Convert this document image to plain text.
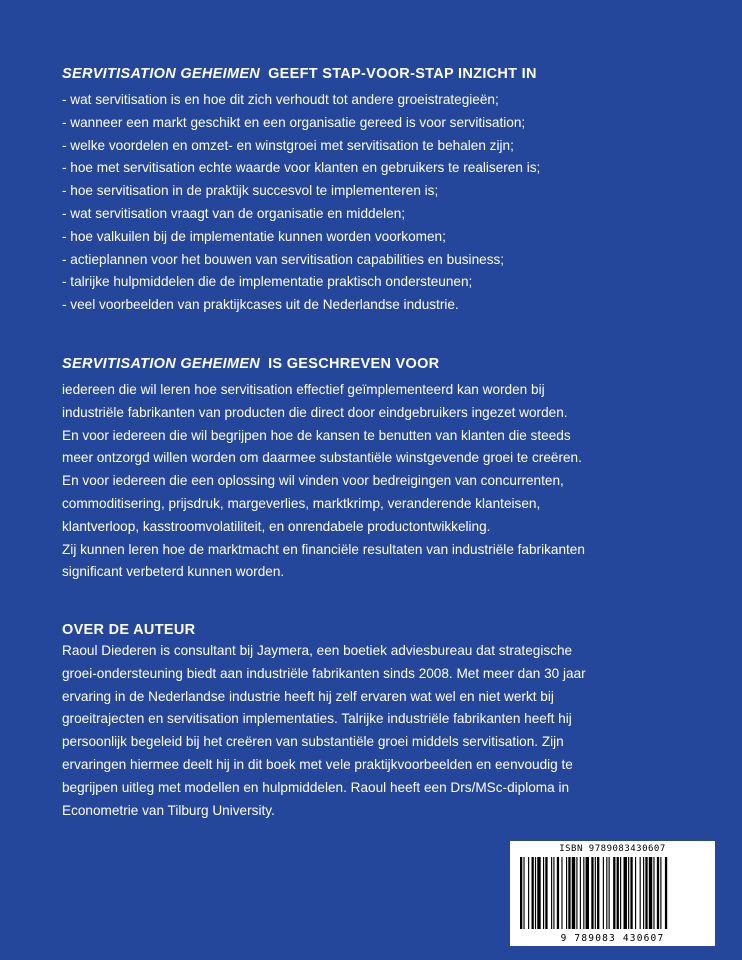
SERVITISATION GEHEIMEN GEEFT STAP-VOOR-STAP INZICHT IN
- wat servitisation is en hoe dit zich verhoudt tot andere groeistrategieën;
- wanneer een markt geschikt en een organisatie gereed is voor servitisation;
- welke voordelen en omzet- en winstgroei met servitisation te behalen zijn;
- hoe met servitisation echte waarde voor klanten en gebruikers te realiseren is;
- hoe servitisation in de praktijk succesvol te implementeren is;
- wat servitisation vraagt van de organisatie en middelen;
- hoe valkuilen bij de implementatie kunnen worden voorkomen;
- actieplannen voor het bouwen van servitisation capabilities en business;
- talrijke hulpmiddelen die de implementatie praktisch ondersteunen;
- veel voorbeelden van praktijkcases uit de Nederlandse industrie.
SERVITISATION GEHEIMEN IS GESCHREVEN VOOR
iedereen die wil leren hoe servitisation effectief geïmplementeerd kan worden bij
industriële fabrikanten van producten die direct door eindgebruikers ingezet worden.
En voor iedereen die wil begrijpen hoe de kansen te benutten van klanten die steeds
meer ontzorgd willen worden om daarmee substantiële winstgevende groei te creëren.
En voor iedereen die een oplossing wil vinden voor bedreigingen van concurrenten,
commoditisering, prijsdruk, margeverlies, marktkrimp, veranderende klanteisen,
klantverloop, kasstroomvolatiliteit, en onrendabele productontwikkeling.
Zij kunnen leren hoe de marktmacht en financiële resultaten van industriële fabrikanten
significant verbeterd kunnen worden.
OVER DE AUTEUR
Raoul Diederen is consultant bij Jaymera, een boetiek adviesbureau dat strategische
groei-ondersteuning biedt aan industriële fabrikanten sinds 2008. Met meer dan 30 jaar
ervaring in de Nederlandse industrie heeft hij zelf ervaren wat wel en niet werkt bij
groeitrajecten en servitisation implementaties. Talrijke industriële fabrikanten heeft hij
persoonlijk begeleid bij het creëren van substantiële groei middels servitisation. Zijn
ervaringen hiermee deelt hij in dit boek met vele praktijkvoorbeelden en eenvoudig te
begrijpen uitleg met modellen en hulpmiddelen. Raoul heeft een Drs/MSc-diploma in
Econometrie van Tilburg University.
ISBN 9789083430607
9 789083 430607
